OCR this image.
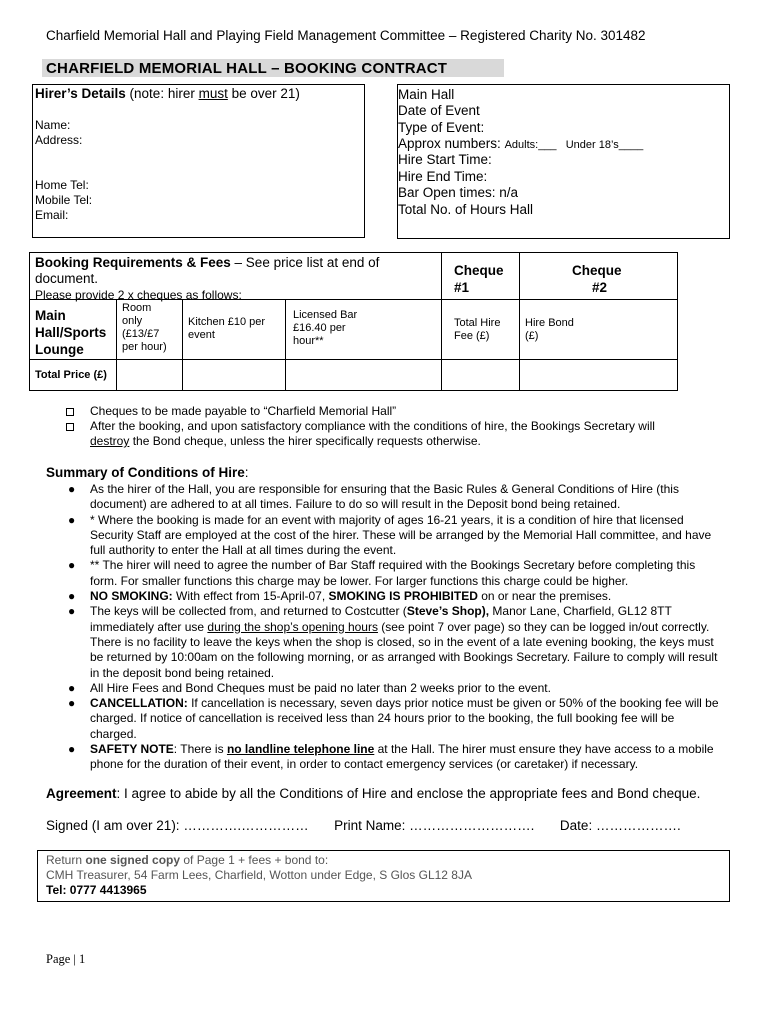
Charfield Memorial Hall and Playing Field Management Committee – Registered Charity No. 301482
CHARFIELD MEMORIAL HALL – BOOKING CONTRACT
Hirer’s Details (note: hirer must be over 21)
Name:
Address:
Home Tel:
Mobile Tel:
Email:
Main Hall
Date of Event
Type of Event:
Approx numbers: Adults:___ Under 18’s____
Hire Start Time:
Hire End Time:
Bar Open times: n/a
Total No. of Hours Hall
Booking Requirements & Fees – See price list at end of
document.
Please provide 2 x cheques as follows:
Cheque
#1
Cheque
#2
Main
Hall/Sports
Lounge
Room
only
(£13/£7
per hour)
Kitchen £10 per
event
Licensed Bar
£16.40 per
hour**
Total Hire
Fee (£)
Hire Bond
(£)
Total Price (£)
Cheques to be made payable to “Charfield Memorial Hall”
After the booking, and upon satisfactory compliance with the conditions of hire, the Bookings Secretary will
destroy the Bond cheque, unless the hirer specifically requests otherwise.
Summary of Conditions of Hire:
● As the hirer of the Hall, you are responsible for ensuring that the Basic Rules & General Conditions of Hire (this document) are adhered to at all times. Failure to do so will result in the Deposit bond being retained.
● * Where the booking is made for an event with majority of ages 16-21 years, it is a condition of hire that licensed Security Staff are employed at the cost of the hirer. These will be arranged by the Memorial Hall committee, and have full authority to enter the Hall at all times during the event.
● ** The hirer will need to agree the number of Bar Staff required with the Bookings Secretary before completing this form. For smaller functions this charge may be lower. For larger functions this charge could be higher.
● NO SMOKING: With effect from 15-April-07, SMOKING IS PROHIBITED on or near the premises.
● The keys will be collected from, and returned to Costcutter (Steve’s Shop), Manor Lane, Charfield, GL12 8TT immediately after use during the shop’s opening hours (see point 7 over page) so they can be logged in/out correctly. There is no facility to leave the keys when the shop is closed, so in the event of a late evening booking, the keys must be returned by 10:00am on the following morning, or as arranged with Bookings Secretary. Failure to comply will result in the deposit bond being retained.
● All Hire Fees and Bond Cheques must be paid no later than 2 weeks prior to the event.
● CANCELLATION: If cancellation is necessary, seven days prior notice must be given or 50% of the booking fee will be charged. If notice of cancellation is received less than 24 hours prior to the booking, the full booking fee will be charged.
● SAFETY NOTE: There is no landline telephone line at the Hall. The hirer must ensure they have access to a mobile phone for the duration of their event, in order to contact emergency services (or caretaker) if necessary.
Agreement: I agree to abide by all the Conditions of Hire and enclose the appropriate fees and Bond cheque.
Signed (I am over 21): ………….…………… Print Name: ………………………. Date: ……………….
Return one signed copy of Page 1 + fees + bond to:
CMH Treasurer, 54 Farm Lees, Charfield, Wotton under Edge, S Glos GL12 8JA
Tel: 0777 4413965
Page | 1
